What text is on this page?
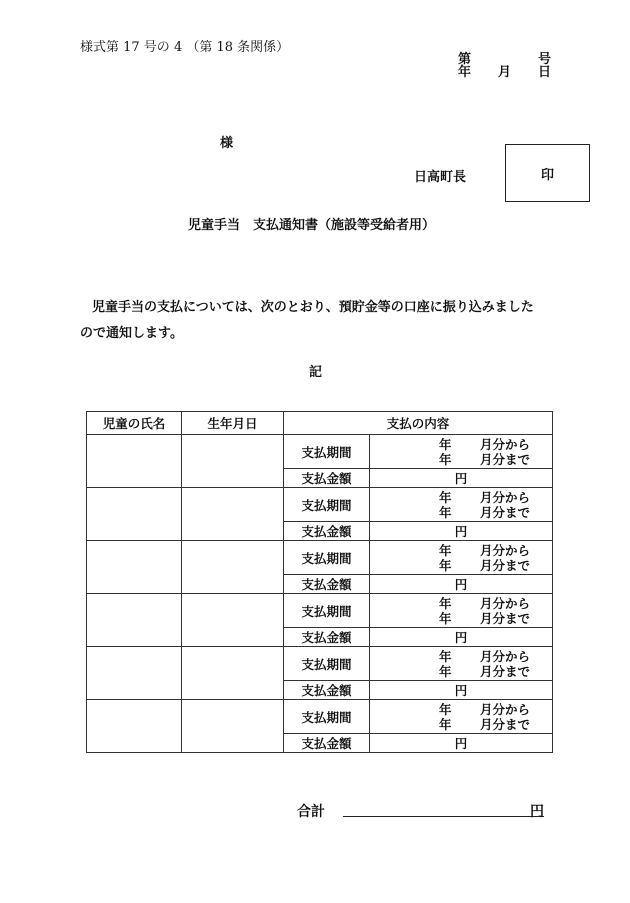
様式第 17 号の 4 （第 18 条関係）
第	号
年 月 日
様
日高町長	印
児童手当　支払通知書（施設等受給者用）
児童手当の支払については、次のとおり、預貯金等の口座に振り込みました
ので通知します。
記
児童の氏名	生年月日	支払の内容	
		支払期間	年 月分から
年 月分まで

		支払金額	円
		支払期間	年 月分から
年 月分まで

		支払金額	円
		支払期間	年 月分から
年 月分まで

		支払金額	円
		支払期間	年 月分から
年 月分まで

		支払金額	円
		支払期間	年 月分から
年 月分まで

		支払金額	円
		支払期間	年 月分から
年 月分まで

		支払金額	円
合計	円
